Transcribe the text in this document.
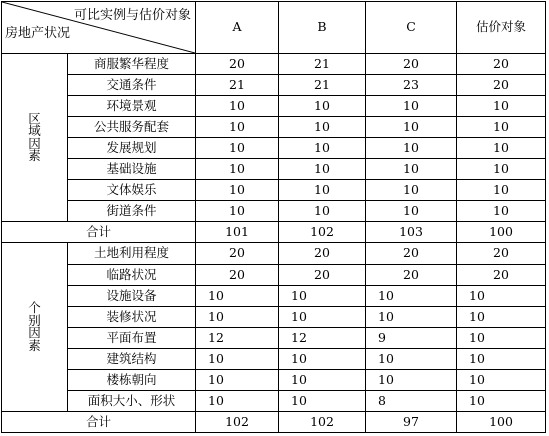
可比实例与估价对象
房地产状况		A	B	C	估价对象

区
域
因
素	商服繁华程度	20	21	20	20
	交通条件	21	21	23	20
	环境景观	10	10	10	10
	公共服务配套	10	10	10	10
	发展规划	10	10	10	10
	基础设施	10	10	10	10
	文体娱乐	10	10	10	10
	街道条件	10	10	10	10
合计		101	102	103	100

个
别
因
素	土地利用程度	20	20	20	20
	临路状况	20	20	20	20
	设施设备	10	10	10	10
	装修状况	10	10	10	10
	平面布置	12	12	9	10
	建筑结构	10	10	10	10
	楼栋朝向	10	10	10	10
	面积大小、形状	10	10	8	10
合计		102	102	97	100
